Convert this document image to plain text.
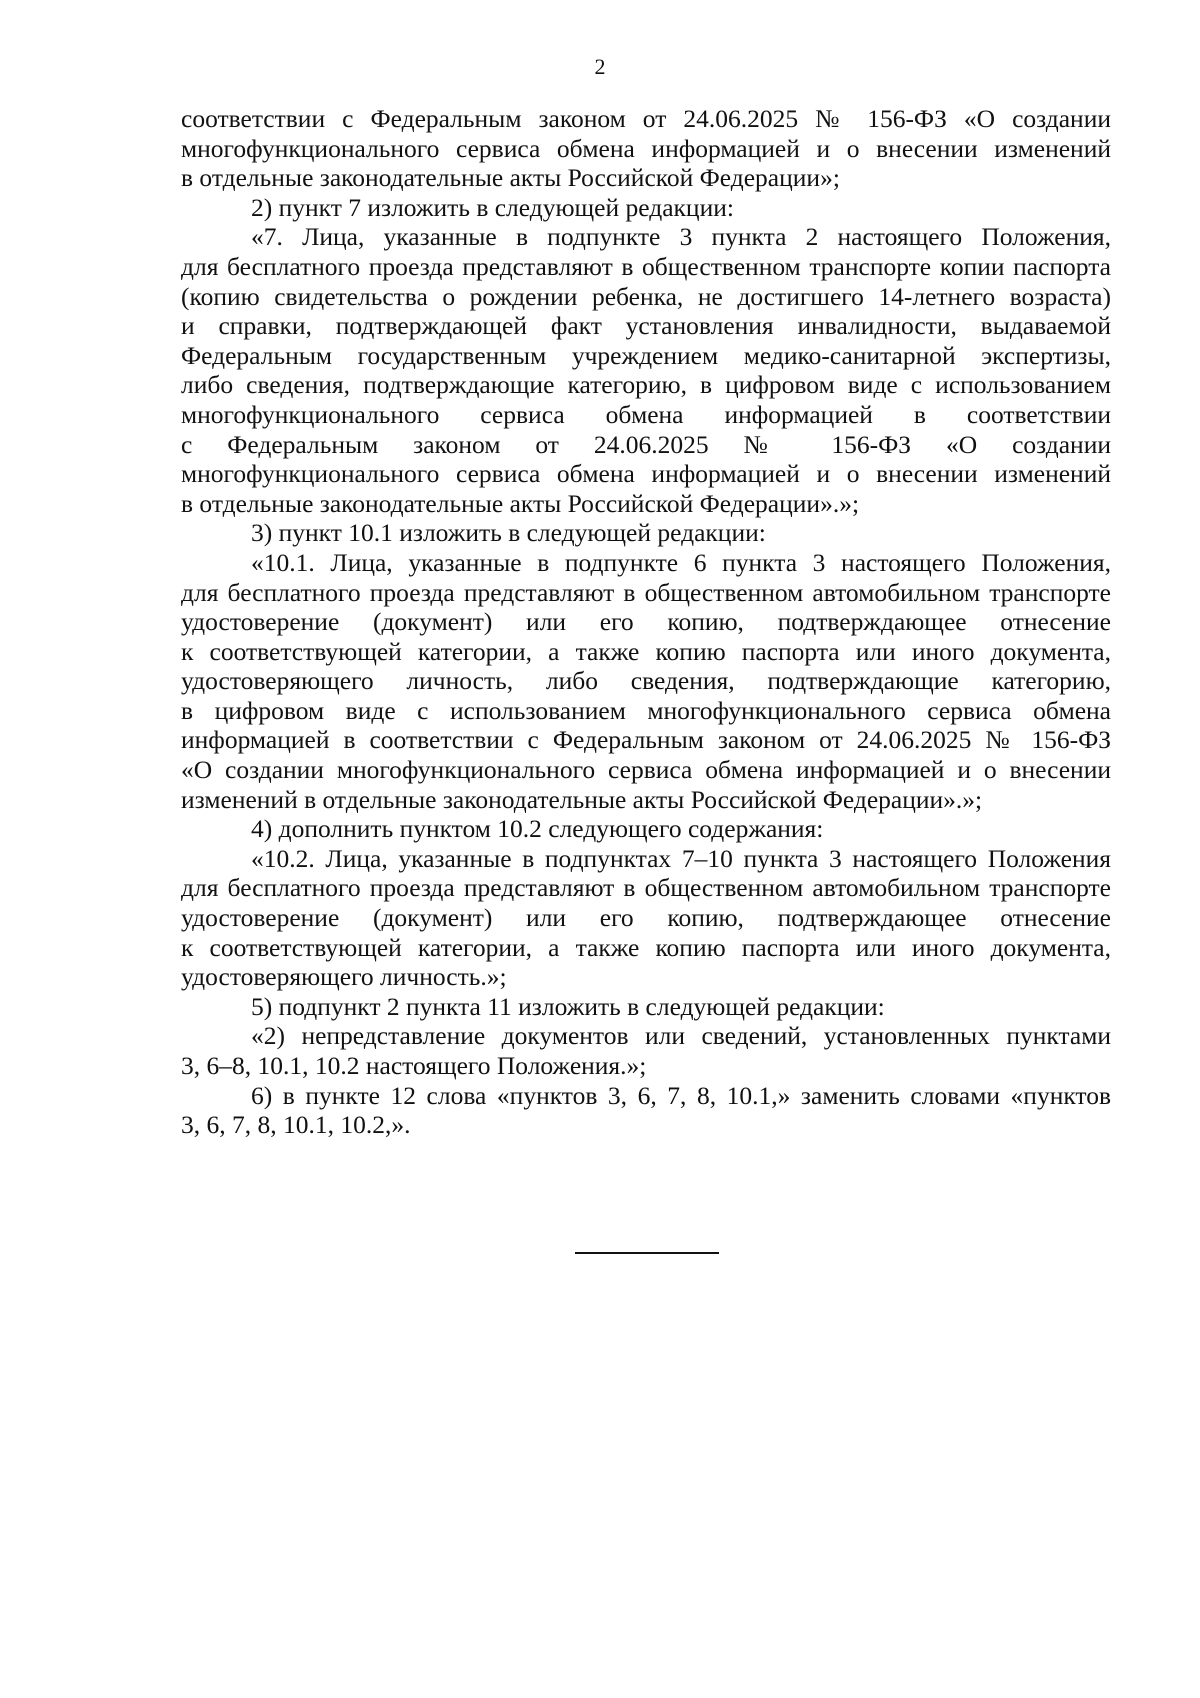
2
соответствии с Федеральным законом от 24.06.2025 № 156-ФЗ «О создании
многофункционального сервиса обмена информацией и о внесении изменений
в отдельные законодательные акты Российской Федерации»;
2) пункт 7 изложить в следующей редакции:
«7. Лица, указанные в подпункте 3 пункта 2 настоящего Положения,
для бесплатного проезда представляют в общественном транспорте копии паспорта
(копию свидетельства о рождении ребенка, не достигшего 14-летнего возраста)
и справки, подтверждающей факт установления инвалидности, выдаваемой
Федеральным государственным учреждением медико-санитарной экспертизы,
либо сведения, подтверждающие категорию, в цифровом виде с использованием
многофункционального сервиса обмена информацией в соответствии
с Федеральным законом от 24.06.2025 № 156-ФЗ «О создании
многофункционального сервиса обмена информацией и о внесении изменений
в отдельные законодательные акты Российской Федерации».»;
3) пункт 10.1 изложить в следующей редакции:
«10.1. Лица, указанные в подпункте 6 пункта 3 настоящего Положения,
для бесплатного проезда представляют в общественном автомобильном транспорте
удостоверение (документ) или его копию, подтверждающее отнесение
к соответствующей категории, а также копию паспорта или иного документа,
удостоверяющего личность, либо сведения, подтверждающие категорию,
в цифровом виде с использованием многофункционального сервиса обмена
информацией в соответствии с Федеральным законом от 24.06.2025 № 156-ФЗ
«О создании многофункционального сервиса обмена информацией и о внесении
изменений в отдельные законодательные акты Российской Федерации».»;
4) дополнить пунктом 10.2 следующего содержания:
«10.2. Лица, указанные в подпунктах 7–10 пункта 3 настоящего Положения
для бесплатного проезда представляют в общественном автомобильном транспорте
удостоверение (документ) или его копию, подтверждающее отнесение
к соответствующей категории, а также копию паспорта или иного документа,
удостоверяющего личность.»;
5) подпункт 2 пункта 11 изложить в следующей редакции:
«2) непредставление документов или сведений, установленных пунктами
3, 6–8, 10.1, 10.2 настоящего Положения.»;
6) в пункте 12 слова «пунктов 3, 6, 7, 8, 10.1,» заменить словами «пунктов
3, 6, 7, 8, 10.1, 10.2,».
